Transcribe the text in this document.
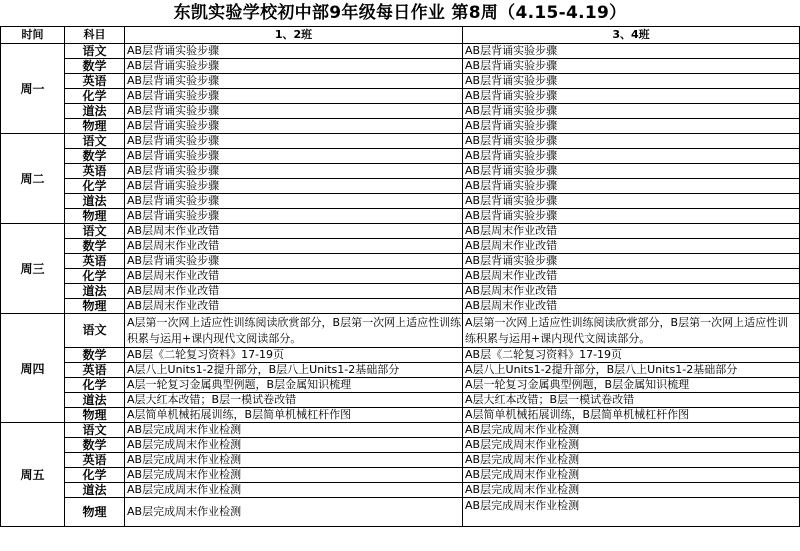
东凯实验学校初中部9年级每日作业 第8周（4.15-4.19）
时间	科目	1、2班	3、4班
周一	语文	AB层背诵实验步骤	AB层背诵实验步骤
	数学	AB层背诵实验步骤	AB层背诵实验步骤
	英语	AB层背诵实验步骤	AB层背诵实验步骤
	化学	AB层背诵实验步骤	AB层背诵实验步骤
	道法	AB层背诵实验步骤	AB层背诵实验步骤
	物理	AB层背诵实验步骤	AB层背诵实验步骤
周二	语文	AB层背诵实验步骤	AB层背诵实验步骤
	数学	AB层背诵实验步骤	AB层背诵实验步骤
	英语	AB层背诵实验步骤	AB层背诵实验步骤
	化学	AB层背诵实验步骤	AB层背诵实验步骤
	道法	AB层背诵实验步骤	AB层背诵实验步骤
	物理	AB层背诵实验步骤	AB层背诵实验步骤
周三	语文	AB层周末作业改错	AB层周末作业改错
	数学	AB层周末作业改错	AB层周末作业改错
	英语	AB层背诵实验步骤	AB层背诵实验步骤
	化学	AB层周末作业改错	AB层周末作业改错
	道法	AB层周末作业改错	AB层周末作业改错
	物理	AB层周末作业改错	AB层周末作业改错
周四	语文	A层第一次网上适应性训练阅读欣赏部分，B层第一次网上适应性训练积累与运用+课内现代文阅读部分。	A层第一次网上适应性训练阅读欣赏部分，B层第一次网上适应性训练积累与运用+课内现代文阅读部分。
	数学	AB层《二轮复习资料》17-19页	AB层《二轮复习资料》17-19页
	英语	A层八上Units1-2提升部分，B层八上Units1-2基础部分	A层八上Units1-2提升部分，B层八上Units1-2基础部分
	化学	A层一轮复习金属典型例题，B层金属知识梳理	A层一轮复习金属典型例题，B层金属知识梳理
	道法	A层大红本改错；B层一模试卷改错	A层大红本改错；B层一模试卷改错
	物理	A层简单机械拓展训练，B层简单机械杠杆作图	A层简单机械拓展训练，B层简单机械杠杆作图
周五	语文	AB层完成周末作业检测	AB层完成周末作业检测
	数学	AB层完成周末作业检测	AB层完成周末作业检测
	英语	AB层完成周末作业检测	AB层完成周末作业检测
	化学	AB层完成周末作业检测	AB层完成周末作业检测
	道法	AB层完成周末作业检测	AB层完成周末作业检测
	物理	AB层完成周末作业检测	AB层完成周末作业检测
